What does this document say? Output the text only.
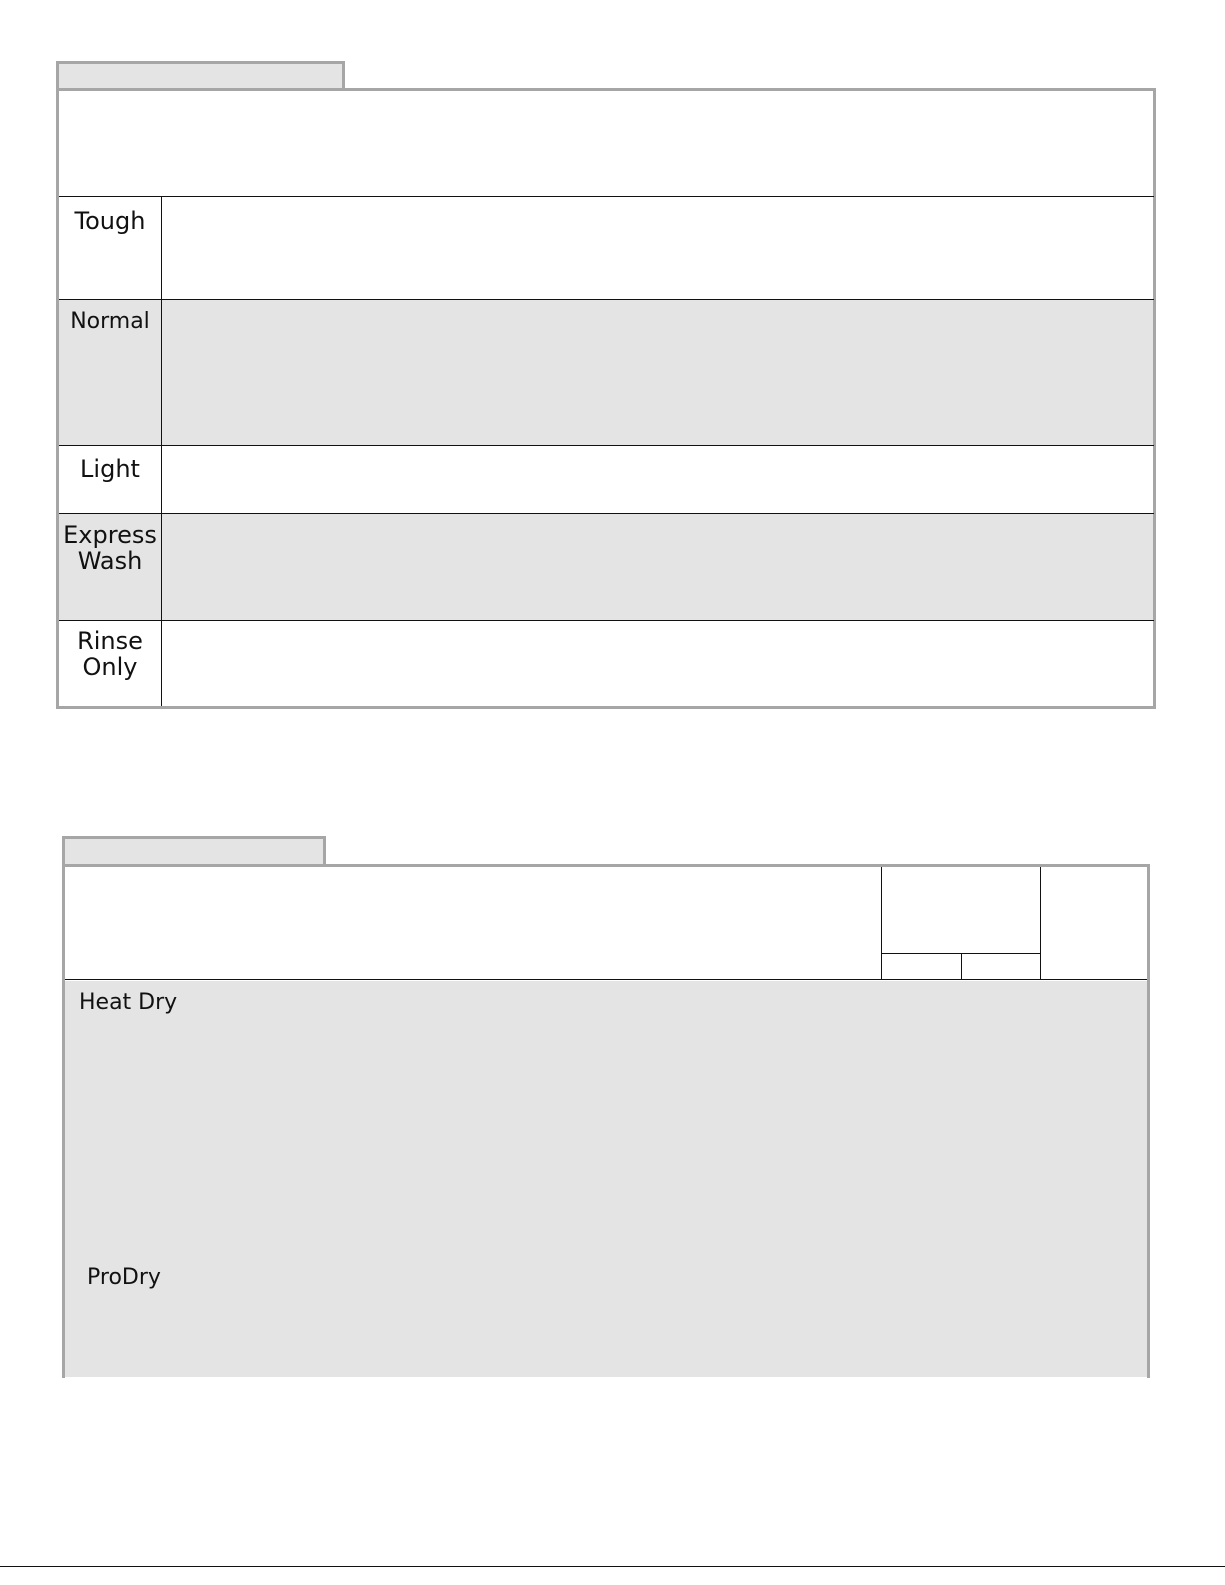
Tough
Normal
Light
Express
Wash
Rinse
Only
Heat Dry
ProDry
